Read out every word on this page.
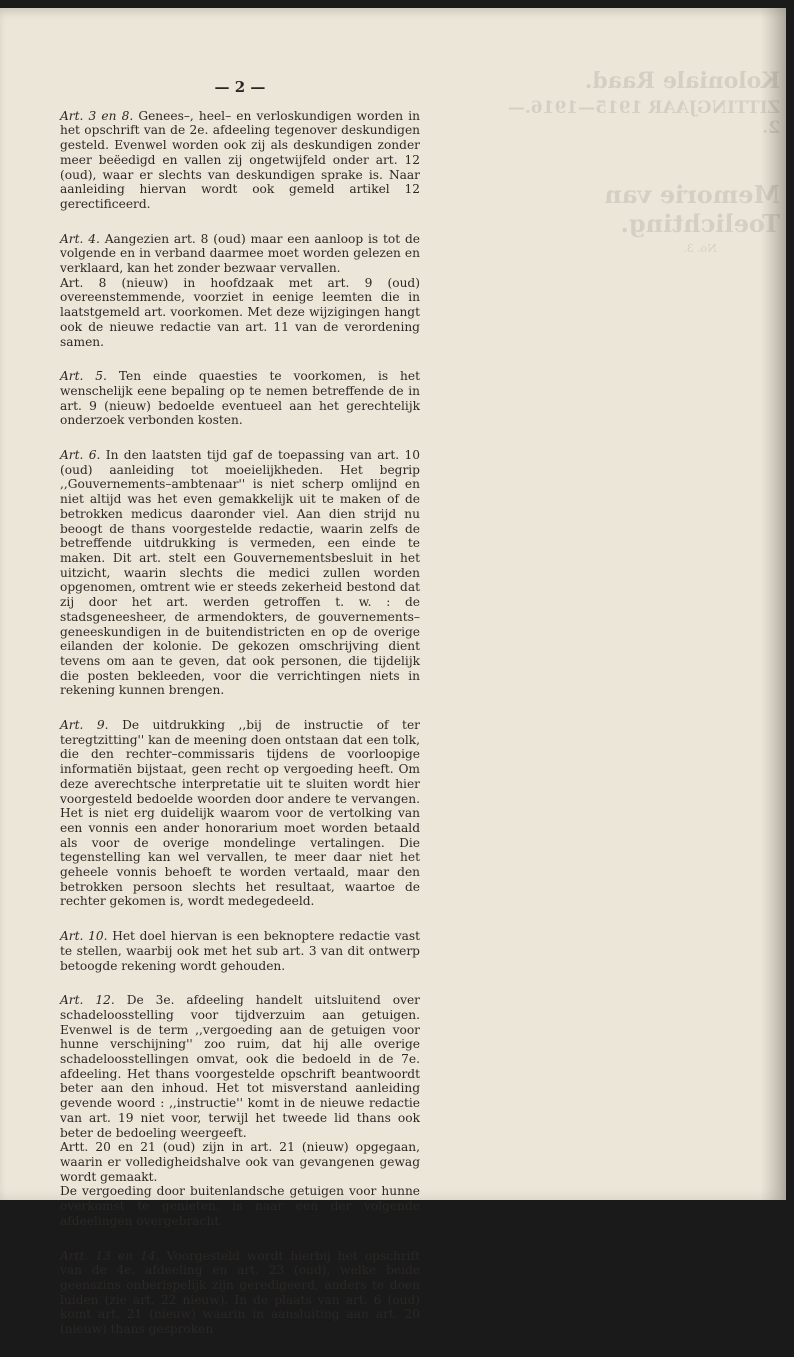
Koloniale Raad.
ZITTINGJAAR 1915—1916.—

Memorie van Toelichting.
No. 3.
— 2 —

Art. 3 en 8. Genees–, heel– en verloskundigen worden in het opschrift van de 2e. afdeeling tegenover deskundigen gesteld. Evenwel worden ook zij als deskundigen zonder meer beëedigd en vallen zij ongetwijfeld onder art. 12 (oud), waar er slechts van deskundigen sprake is. Naar aanleiding hiervan wordt ook gemeld artikel 12 gerectificeerd.

Art. 4. Aangezien art. 8 (oud) maar een aanloop is tot de volgende en in verband daarmee moet worden gelezen en verklaard, kan het zonder bezwaar vervallen.
Art. 8 (nieuw) in hoofdzaak met art. 9 (oud) overeenstemmende, voorziet in eenige leemten die in laatstgemeld art. voorkomen. Met deze wijzigingen hangt ook de nieuwe redactie van art. 11 van de verordening samen.

Art. 5. Ten einde quaesties te voorkomen, is het wenschelijk eene bepaling op te nemen betreffende de in art. 9 (nieuw) bedoelde eventueel aan het gerechtelijk onderzoek verbonden kosten.

Art. 6. In den laatsten tijd gaf de toepassing van art. 10 (oud) aanleiding tot moeielijkheden. Het begrip ,,Gouvernements–ambtenaar'' is niet scherp omlijnd en niet altijd was het even gemakkelijk uit te maken of de betrokken medicus daaronder viel. Aan dien strijd nu beoogt de thans voorgestelde redactie, waarin zelfs de betreffende uitdrukking is vermeden, een einde te maken. Dit art. stelt een Gouvernementsbesluit in het uitzicht, waarin slechts die medici zullen worden opgenomen, omtrent wie er steeds zekerheid bestond dat zij door het art. werden getroffen t. w. : de stadsgeneesheer, de armendokters, de gouvernements–geneeskundigen in de buitendistricten en op de overige eilanden der kolonie. De gekozen omschrijving dient tevens om aan te geven, dat ook personen, die tijdelijk die posten bekleeden, voor die verrichtingen niets in rekening kunnen brengen.

Art. 9. De uitdrukking ,,bij de instructie of ter teregtzitting'' kan de meening doen ontstaan dat een tolk, die den rechter–commissaris tijdens de voorloopige informatiën bijstaat, geen recht op vergoeding heeft. Om deze averechtsche interpretatie uit te sluiten wordt hier voorgesteld bedoelde woorden door andere te vervangen. Het is niet erg duidelijk waarom voor de vertolking van een vonnis een ander honorarium moet worden betaald als voor de overige mondelinge vertalingen. Die tegenstelling kan wel vervallen, te meer daar niet het geheele vonnis behoeft te worden vertaald, maar den betrokken persoon slechts het resultaat, waartoe de rechter gekomen is, wordt medegedeeld.

Art. 10. Het doel hiervan is een beknoptere redactie vast te stellen, waarbij ook met het sub art. 3 van dit ontwerp betoogde rekening wordt gehouden.

Art. 12. De 3e. afdeeling handelt uitsluitend over schadeloosstelling voor tijdverzuim aan getuigen. Evenwel is de term ,,vergoeding aan de getuigen voor hunne verschijning'' zoo ruim, dat hij alle overige schadeloosstellingen omvat, ook die bedoeld in de 7e. afdeeling. Het thans voorgestelde opschrift beantwoordt beter aan den inhoud. Het tot misverstand aanleiding gevende woord : ,,instructie'' komt in de nieuwe redactie van art. 19 niet voor, terwijl het tweede lid thans ook beter de bedoeling weergeeft.
Artt. 20 en 21 (oud) zijn in art. 21 (nieuw) opgegaan, waarin er volledigheidshalve ook van gevangenen gewag wordt gemaakt.
De vergoeding door buitenlandsche getuigen voor hunne overkomst te genieten, is naar een der volgende afdeelingen overgebracht.

Artt. 13 en 14. Voorgesteld wordt hierbij het opschrift van de 4e. afdeeling en art. 23 (oud), welke beide geenszins onberispelijk zijn geredigeerd, anders te doen luiden (zie art. 22 nieuw). In de plaats van art. 6 (oud) komt art. 21 (nieuw) waarin in aansluiting aan art. 20 (nieuw) thans gesproken
